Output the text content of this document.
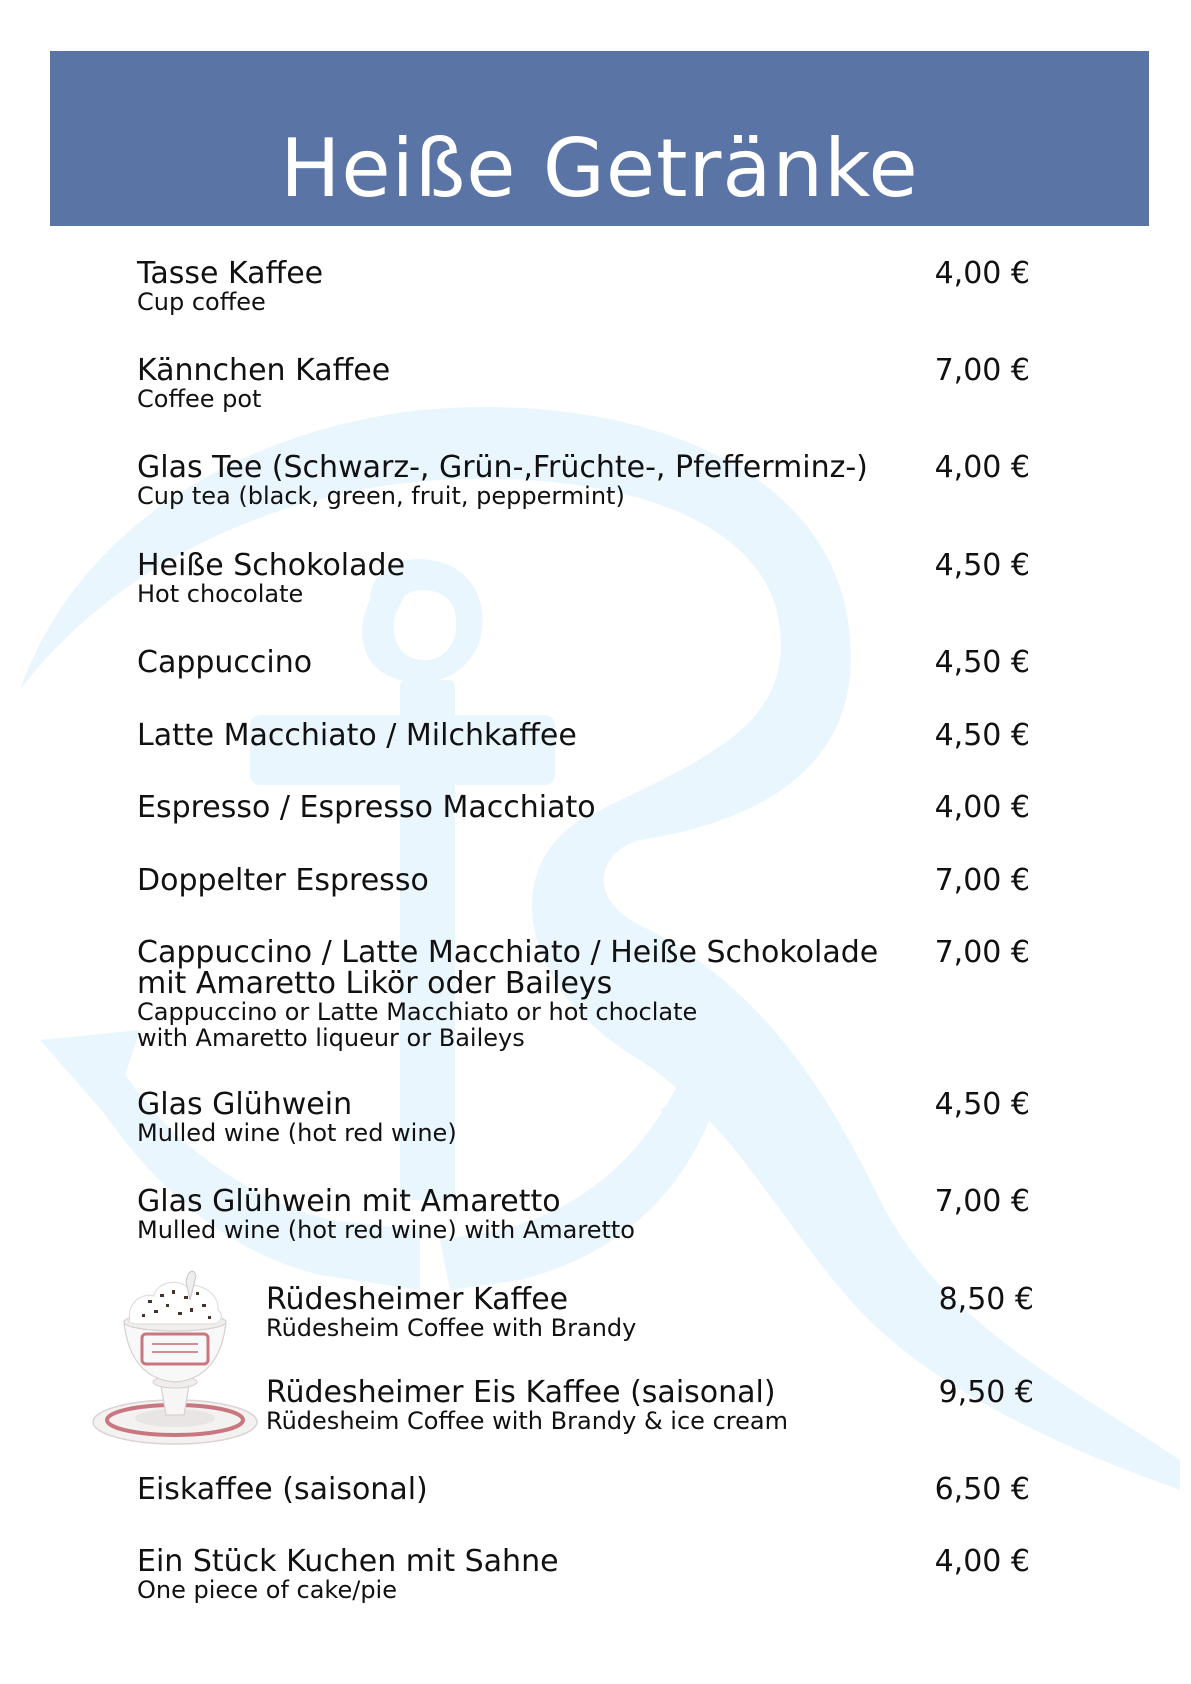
Heiße Getränke
Hot beverages
Tasse Kaffee
Cup coffee
4,00 €
Kännchen Kaffee
Coffee pot
7,00 €
Glas Tee (Schwarz-, Grün-,Früchte-, Pfefferminz-)
Cup tea (black, green, fruit, peppermint)
4,00 €
Heiße Schokolade
Hot chocolate
4,50 €
Cappuccino	4,50 €
Latte Macchiato / Milchkaffee	4,50 €
Espresso / Espresso Macchiato	4,00 €
Doppelter Espresso	7,00 €
Cappuccino / Latte Macchiato / Heiße Schokolade
mit Amaretto Likör oder Baileys
Cappuccino or Latte Macchiato or hot choclate
with Amaretto liqueur or Baileys
7,00 €
Glas Glühwein
Mulled wine (hot red wine)
4,50 €
Glas Glühwein mit Amaretto
Mulled wine (hot red wine) with Amaretto
7,00 €
Rüdesheimer Kaffee
Rüdesheim Coffee with Brandy
8,50 €
Rüdesheimer Eis Kaffee (saisonal)
Rüdesheim Coffee with Brandy & ice cream
9,50 €
Eiskaffee (saisonal)	6,50 €
Ein Stück Kuchen mit Sahne
One piece of cake/pie
4,00 €
